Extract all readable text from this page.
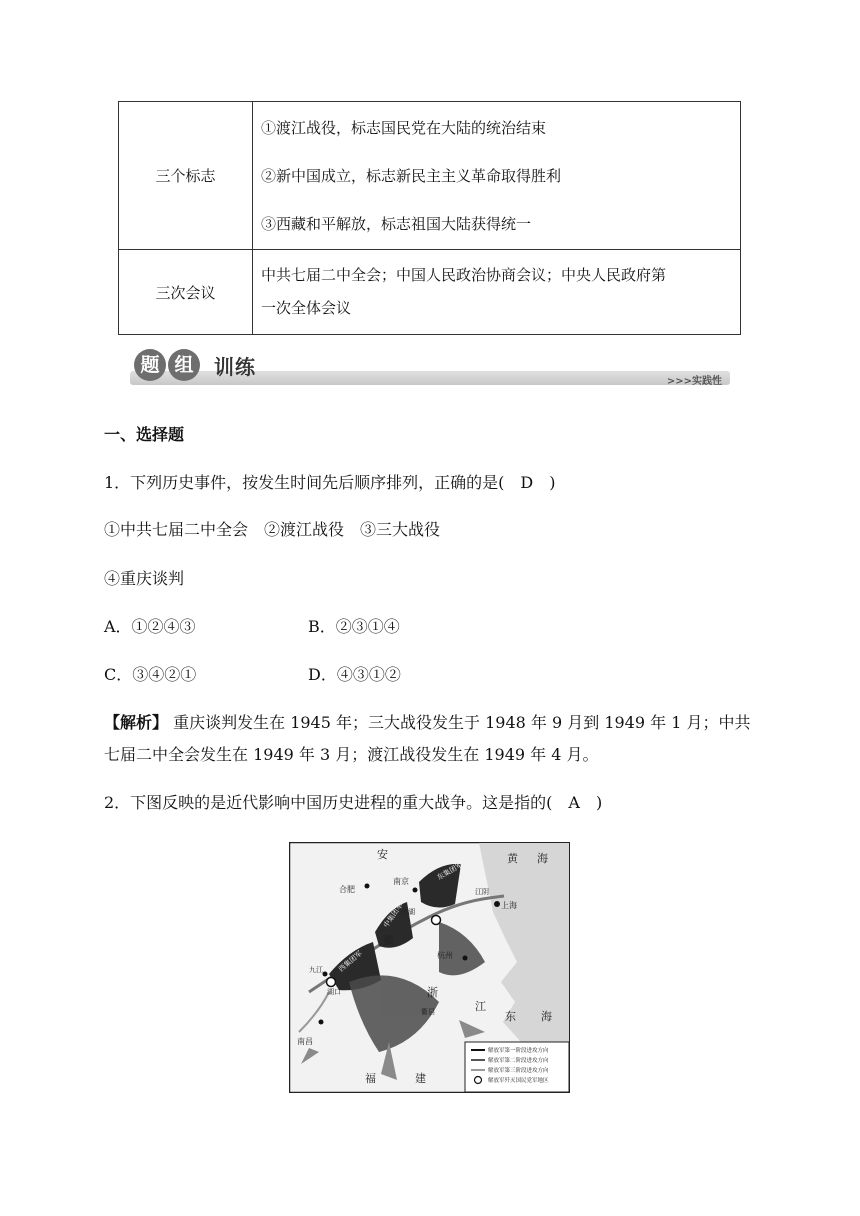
三个标志	①渡江战役，标志国民党在大陆的统治结束

②新中国成立，标志新民主主义革命取得胜利

③西藏和平解放，标志祖国大陆获得统一

三次会议	中共七届二中全会；中国人民政治协商会议；中央人民政府第

一次全体会议

题 组	训练
>>>实践性
一、选择题
1．下列历史事件，按发生时间先后顺序排列，正确的是(　D　)
①中共七届二中全会　②渡江战役　③三大战役
④重庆谈判
A．①②④③	B．②③①④
C．③④②①	D．④③①②
【解析】 重庆谈判发生在 1945 年；三大战役发生于 1948 年 9 月到 1949 年 1 月；中共
七届二中全会发生在 1949 年 3 月；渡江战役发生在 1949 年 4 月。
2．下图反映的是近代影响中国历史进程的重大战争。这是指的(　A　)
安
合肥
南京
芜湖
徽
江阴
上海
杭州
浙
江
九江
湖口
南昌
衢县
福	建
黄 海
东 海
东集团军
中集团军
西集团军
解放军第一阶段进攻方向
解放军第二阶段进攻方向
解放军第三阶段进攻方向
解放军歼灭国民党军地区
